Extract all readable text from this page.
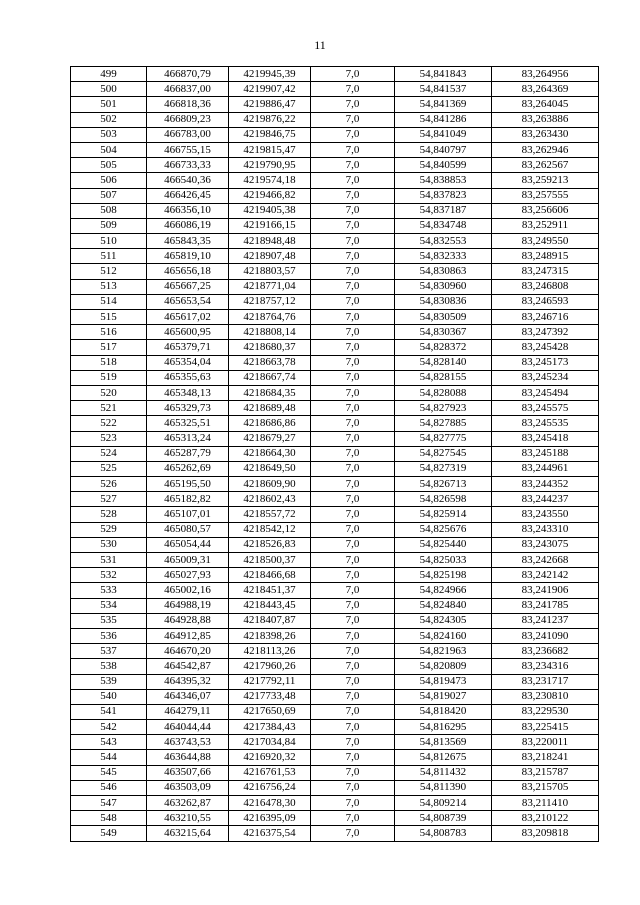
11
499	466870,79	4219945,39	7,0	54,841843	83,264956
500	466837,00	4219907,42	7,0	54,841537	83,264369
501	466818,36	4219886,47	7,0	54,841369	83,264045
502	466809,23	4219876,22	7,0	54,841286	83,263886
503	466783,00	4219846,75	7,0	54,841049	83,263430
504	466755,15	4219815,47	7,0	54,840797	83,262946
505	466733,33	4219790,95	7,0	54,840599	83,262567
506	466540,36	4219574,18	7,0	54,838853	83,259213
507	466426,45	4219466,82	7,0	54,837823	83,257555
508	466356,10	4219405,38	7,0	54,837187	83,256606
509	466086,19	4219166,15	7,0	54,834748	83,252911
510	465843,35	4218948,48	7,0	54,832553	83,249550
511	465819,10	4218907,48	7,0	54,832333	83,248915
512	465656,18	4218803,57	7,0	54,830863	83,247315
513	465667,25	4218771,04	7,0	54,830960	83,246808
514	465653,54	4218757,12	7,0	54,830836	83,246593
515	465617,02	4218764,76	7,0	54,830509	83,246716
516	465600,95	4218808,14	7,0	54,830367	83,247392
517	465379,71	4218680,37	7,0	54,828372	83,245428
518	465354,04	4218663,78	7,0	54,828140	83,245173
519	465355,63	4218667,74	7,0	54,828155	83,245234
520	465348,13	4218684,35	7,0	54,828088	83,245494
521	465329,73	4218689,48	7,0	54,827923	83,245575
522	465325,51	4218686,86	7,0	54,827885	83,245535
523	465313,24	4218679,27	7,0	54,827775	83,245418
524	465287,79	4218664,30	7,0	54,827545	83,245188
525	465262,69	4218649,50	7,0	54,827319	83,244961
526	465195,50	4218609,90	7,0	54,826713	83,244352
527	465182,82	4218602,43	7,0	54,826598	83,244237
528	465107,01	4218557,72	7,0	54,825914	83,243550
529	465080,57	4218542,12	7,0	54,825676	83,243310
530	465054,44	4218526,83	7,0	54,825440	83,243075
531	465009,31	4218500,37	7,0	54,825033	83,242668
532	465027,93	4218466,68	7,0	54,825198	83,242142
533	465002,16	4218451,37	7,0	54,824966	83,241906
534	464988,19	4218443,45	7,0	54,824840	83,241785
535	464928,88	4218407,87	7,0	54,824305	83,241237
536	464912,85	4218398,26	7,0	54,824160	83,241090
537	464670,20	4218113,26	7,0	54,821963	83,236682
538	464542,87	4217960,26	7,0	54,820809	83,234316
539	464395,32	4217792,11	7,0	54,819473	83,231717
540	464346,07	4217733,48	7,0	54,819027	83,230810
541	464279,11	4217650,69	7,0	54,818420	83,229530
542	464044,44	4217384,43	7,0	54,816295	83,225415
543	463743,53	4217034,84	7,0	54,813569	83,220011
544	463644,88	4216920,32	7,0	54,812675	83,218241
545	463507,66	4216761,53	7,0	54,811432	83,215787
546	463503,09	4216756,24	7,0	54,811390	83,215705
547	463262,87	4216478,30	7,0	54,809214	83,211410
548	463210,55	4216395,09	7,0	54,808739	83,210122
549	463215,64	4216375,54	7,0	54,808783	83,209818
